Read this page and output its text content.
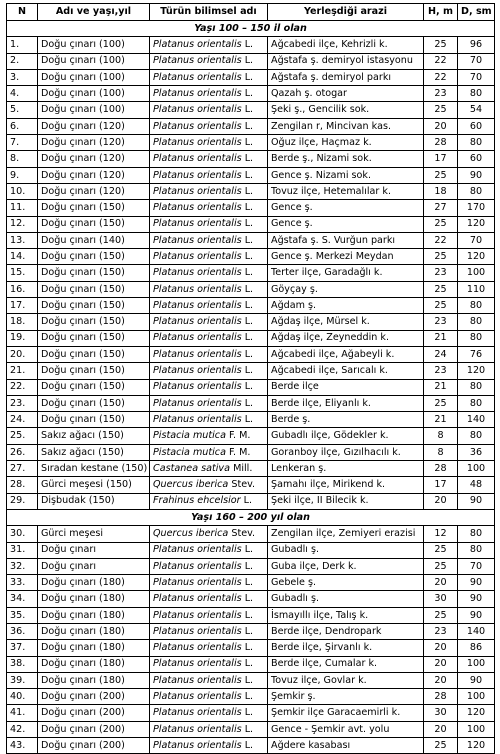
N	Adı ve yaşı,yıl	Türün bilimsel adı	Yerleşdiği arazi	H, m	D, sm
Yaşı 100 – 150 il olan					
1.	Doğu çınarı (100)	Platanus orientalis L.	Ağcabedi ilçe, Kehrizli k.	25	96
2.	Doğu çınarı (100)	Platanus orientalis L.	Ağstafa ş. demiryol istasyonu	22	70
3.	Doğu çınarı (100)	Platanus orientalis L.	Ağstafa ş. demiryol parkı	22	70
4.	Doğu çınarı (100)	Platanus orientalis L.	Qazah ş. otogar	23	80
5.	Doğu çınarı (100)	Platanus orientalis L.	Şeki ş., Gencilik sok.	25	54
6.	Doğu çınarı (120)	Platanus orientalis L.	Zengilan r, Mincivan kas.	20	60
7.	Doğu çınarı (120)	Platanus orientalis L.	Oğuz ilçe, Haçmaz k.	28	80
8.	Doğu çınarı (120)	Platanus orientalis L.	Berde ş., Nizami sok.	17	60
9.	Doğu çınarı (120)	Platanus orientalis L.	Gence ş. Nizami sok.	25	90
10.	Doğu çınarı (120)	Platanus orientalis L.	Tovuz ilçe, Hetemalılar k.	18	80
11.	Doğu çınarı (150)	Platanus orientalis L.	Gence ş.	27	170
12.	Doğu çınarı (150)	Platanus orientalis L.	Gence ş.	25	120
13.	Doğu çınarı (140)	Platanus orientalis L.	Ağstafa ş. S. Vurğun parkı	22	70
14.	Doğu çınarı (150)	Platanus orientalis L.	Gence ş. Merkezi Meydan	25	120
15.	Doğu çınarı (150)	Platanus orientalis L.	Terter ilçe, Garadağlı k.	23	100
16.	Doğu çınarı (150)	Platanus orientalis L.	Göyçay ş.	25	110
17.	Doğu çınarı (150)	Platanus orientalis L.	Ağdam ş.	25	80
18.	Doğu çınarı (150)	Platanus orientalis L.	Ağdaş ilçe, Mürsel k.	23	80
19.	Doğu çınarı (150)	Platanus orientalis L.	Ağdaş ilçe, Zeyneddin k.	21	80
20.	Doğu çınarı (150)	Platanus orientalis L.	Ağcabedi ilçe, Ağabeyli k.	24	76
21.	Doğu çınarı (150)	Platanus orientalis L.	Ağcabedi ilçe, Sarıcalı k.	23	120
22.	Doğu çınarı (150)	Platanus orientalis L.	Berde ilçe	21	80
23.	Doğu çınarı (150)	Platanus orientalis L.	Berde ilçe, Eliyanlı k.	25	80
24.	Doğu çınarı (150)	Platanus orientalis L.	Berde ş.	21	140
25.	Sakız ağacı (150)	Pistacia mutica F. M.	Gubadlı ilçe, Gödekler k.	8	80
26.	Sakız ağacı (150)	Pistacia mutica F. M.	Goranboy ilçe, Gızılhacılı k.	8	36
27.	Sıradan kestane (150)	Castanea sativa Mill.	Lenkeran ş.	28	100
28.	Gürci meşesi (150)	Quercus iberica Stev.	Şamahı ilçe, Mirikend k.	17	48
29.	Dişbudak (150)	Frahinus ehcelsior L.	Şeki ilçe, II Bilecik k.	20	90
Yaşı 160 – 200 yıl olan					
30.	Gürci meşesi	Quercus iberica Stev.	Zengilan ilçe, Zemiyeri erazisi	12	80
31.	Doğu çınarı	Platanus orientalis L.	Gubadlı ş.	25	80
32.	Doğu çınarı	Platanus orientalis L.	Guba ilçe, Derk k.	25	70
33.	Doğu çınarı (180)	Platanus orientalis L.	Gebele ş.	20	90
34.	Doğu çınarı (180)	Platanus orientalis L.	Gubadlı ş.	30	90
35.	Doğu çınarı (180)	Platanus orientalis L.	İsmayıllı ilçe, Talış k.	25	90
36.	Doğu çınarı (180)	Platanus orientalis L.	Berde ilçe, Dendropark	23	140
37.	Doğu çınarı (180)	Platanus orientalis L.	Berde ilçe, Şirvanlı k.	20	86
38.	Doğu çınarı (180)	Platanus orientalis L.	Berde ilçe, Cumalar k.	20	100
39.	Doğu çınarı (180)	Platanus orientalis L.	Tovuz ilçe, Govlar k.	20	90
40.	Doğu çınarı (200)	Platanus orientalis L.	Şemkir ş.	28	100
41.	Doğu çınarı (200)	Platanus orientalis L.	Şemkir ilçe Garacaemirli k.	30	120
42.	Doğu çınarı (200)	Platanus orientalis L.	Gence - Şemkir avt. yolu	20	100
43.	Doğu çınarı (200)	Platanus orientalis L.	Ağdere kasabası	25	120
